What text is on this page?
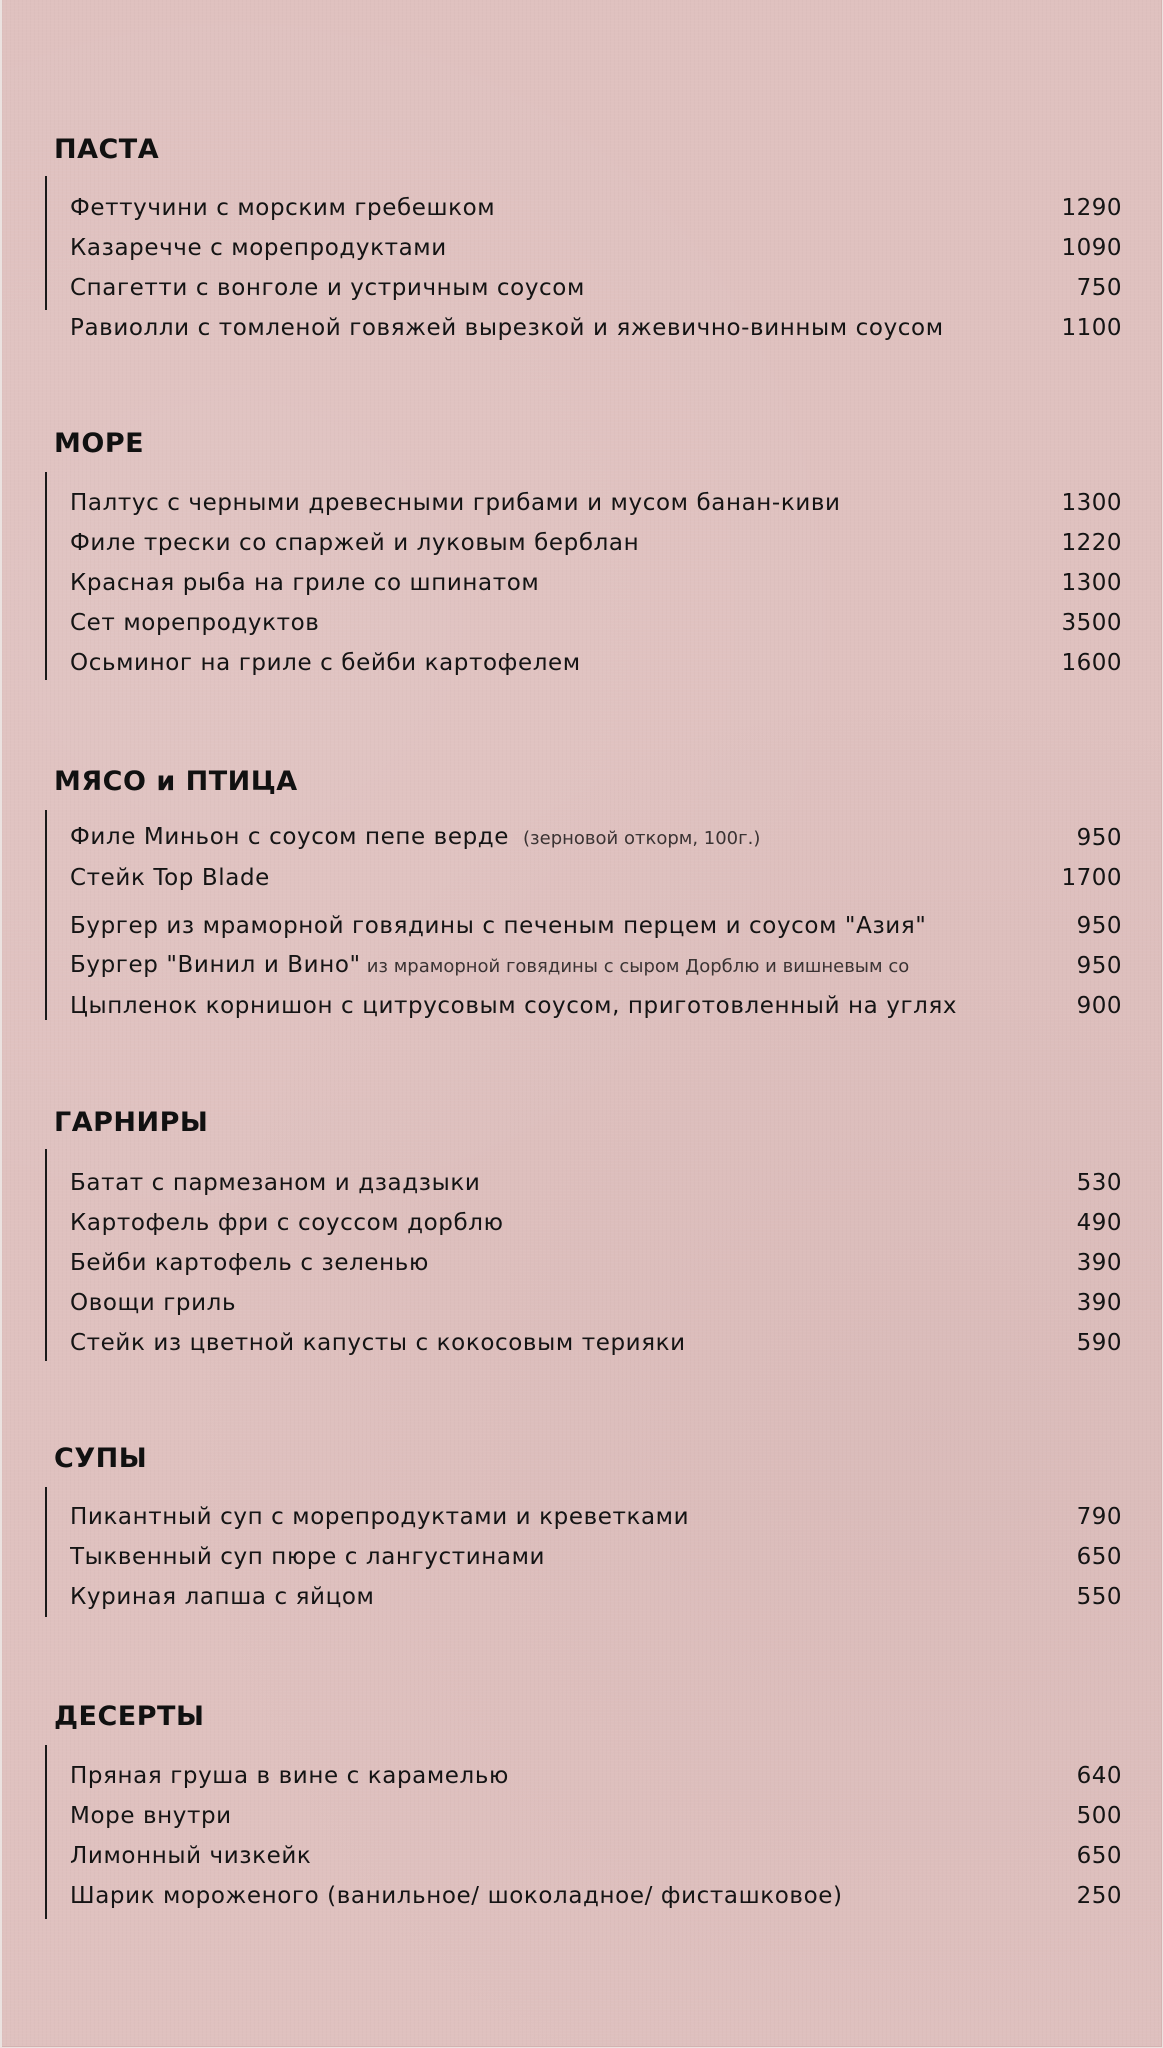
ПАСТА
Феттучини с морским гребешком	1290
Казаречче с морепродуктами	1090
Спагетти с вонголе и устричным соусом	750
Равиолли с томленой говяжей вырезкой и яжевично-винным соусом	1100
МОРЕ
Палтус с черными древесными грибами и мусом банан-киви	1300
Филе трески со спаржей и луковым берблан	1220
Красная рыба на гриле со шпинатом	1300
Сет морепродуктов	3500
Осьминог на гриле с бейби картофелем	1600
МЯСО и ПТИЦА
Филе Миньон с соусом пепе верде (зерновой откорм, 100г.)	950
Стейк Top Blade	1700
Бургер из мраморной говядины с печеным перцем и соусом "Азия"	950
Бургер "Винил и Вино" из мраморной говядины с сыром Дорблю и вишневым со	950
Цыпленок корнишон с цитрусовым соусом, приготовленный на углях	900
ГАРНИРЫ
Батат с пармезаном и дзадзыки	530
Картофель фри с соуссом дорблю	490
Бейби картофель с зеленью	390
Овощи гриль	390
Стейк из цветной капусты с кокосовым терияки	590
СУПЫ
Пикантный суп с морепродуктами и креветками	790
Тыквенный суп пюре с лангустинами	650
Куриная лапша с яйцом	550
ДЕСЕРТЫ
Пряная груша в вине с карамелью	640
Море внутри	500
Лимонный чизкейк	650
Шарик мороженого (ванильное/ шоколадное/ фисташковое)	250
